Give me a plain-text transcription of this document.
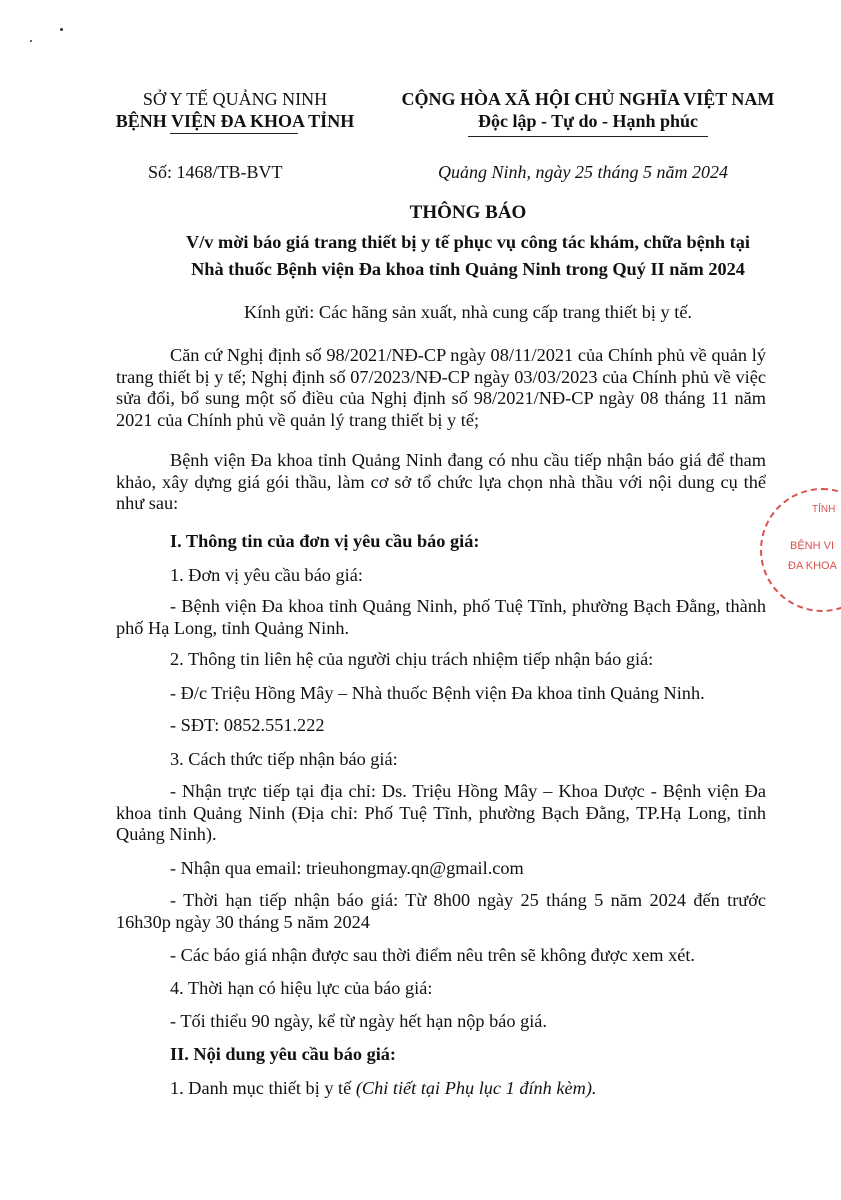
SỞ Y TẾ QUẢNG NINH
BỆNH VIỆN ĐA KHOA TỈNH
CỘNG HÒA XÃ HỘI CHỦ NGHĨA VIỆT NAM
Độc lập - Tự do - Hạnh phúc
Số: 1468/TB-BVT	Quảng Ninh, ngày 25 tháng 5 năm 2024
THÔNG BÁO
V/v mời báo giá trang thiết bị y tế phục vụ công tác khám, chữa bệnh tại
Nhà thuốc Bệnh viện Đa khoa tỉnh Quảng Ninh trong Quý II năm 2024
Kính gửi: Các hãng sản xuất, nhà cung cấp trang thiết bị y tế.

Căn cứ Nghị định số 98/2021/NĐ-CP ngày 08/11/2021 của Chính phủ về quản lý trang thiết bị y tế; Nghị định số 07/2023/NĐ-CP ngày 03/03/2023 của Chính phủ về việc sửa đổi, bổ sung một số điều của Nghị định số 98/2021/NĐ-CP ngày 08 tháng 11 năm 2021 của Chính phủ về quản lý trang thiết bị y tế;

Bệnh viện Đa khoa tỉnh Quảng Ninh đang có nhu cầu tiếp nhận báo giá để tham khảo, xây dựng giá gói thầu, làm cơ sở tổ chức lựa chọn nhà thầu với nội dung cụ thể như sau:

I. Thông tin của đơn vị yêu cầu báo giá:
1. Đơn vị yêu cầu báo giá:

- Bệnh viện Đa khoa tỉnh Quảng Ninh, phố Tuệ Tĩnh, phường Bạch Đằng, thành phố Hạ Long, tỉnh Quảng Ninh.

2. Thông tin liên hệ của người chịu trách nhiệm tiếp nhận báo giá:
- Đ/c Triệu Hồng Mây – Nhà thuốc Bệnh viện Đa khoa tỉnh Quảng Ninh.
- SĐT: 0852.551.222
3. Cách thức tiếp nhận báo giá:

- Nhận trực tiếp tại địa chỉ: Ds. Triệu Hồng Mây – Khoa Dược - Bệnh viện Đa khoa tỉnh Quảng Ninh (Địa chỉ: Phố Tuệ Tĩnh, phường Bạch Đằng, TP.Hạ Long, tỉnh Quảng Ninh).

- Nhận qua email: trieuhongmay.qn@gmail.com

- Thời hạn tiếp nhận báo giá: Từ 8h00 ngày 25 tháng 5 năm 2024 đến trước 16h30p ngày 30 tháng 5 năm 2024

- Các báo giá nhận được sau thời điểm nêu trên sẽ không được xem xét.
4. Thời hạn có hiệu lực của báo giá:
- Tối thiểu 90 ngày, kể từ ngày hết hạn nộp báo giá.
II. Nội dung yêu cầu báo giá:
1. Danh mục thiết bị y tế (Chi tiết tại Phụ lục 1 đính kèm).
TỈNH
BỆNH VI
ĐA KHOA
